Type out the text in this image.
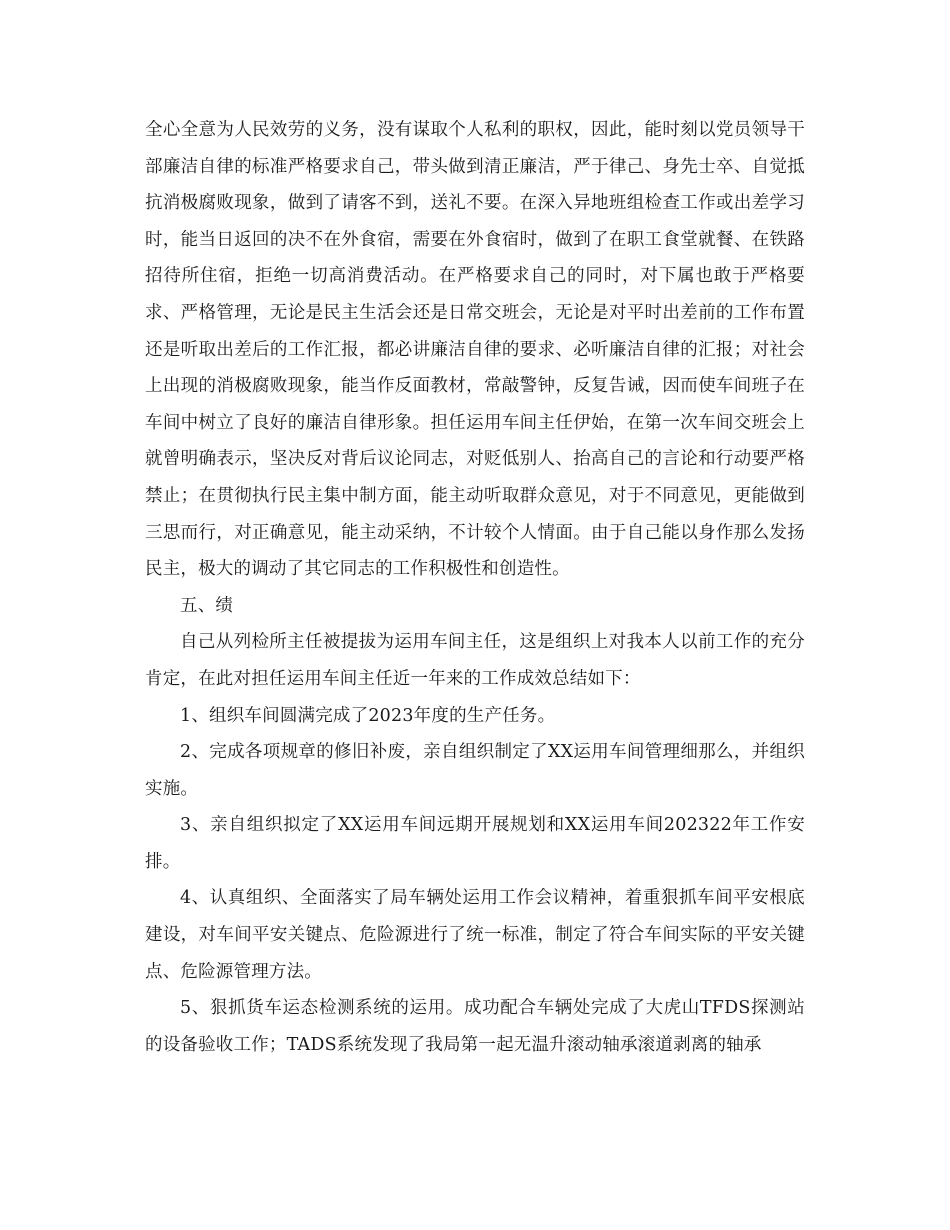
全心全意为人民效劳的义务，没有谋取个人私利的职权，因此，能时刻以党员领导干部廉洁自律的标准严格要求自己，带头做到清正廉洁，严于律己、身先士卒、自觉抵抗消极腐败现象，做到了请客不到，送礼不要。在深入异地班组检查工作或出差学习时，能当日返回的决不在外食宿，需要在外食宿时，做到了在职工食堂就餐、在铁路招待所住宿，拒绝一切高消费活动。在严格要求自己的同时，对下属也敢于严格要求、严格管理，无论是民主生活会还是日常交班会，无论是对平时出差前的工作布置还是听取出差后的工作汇报，都必讲廉洁自律的要求、必听廉洁自律的汇报；对社会上出现的消极腐败现象，能当作反面教材，常敲警钟，反复告诫，因而使车间班子在车间中树立了良好的廉洁自律形象。担任运用车间主任伊始，在第一次车间交班会上就曾明确表示，坚决反对背后议论同志，对贬低别人、抬高自己的言论和行动要严格禁止；在贯彻执行民主集中制方面，能主动听取群众意见，对于不同意见，更能做到三思而行，对正确意见，能主动采纳，不计较个人情面。由于自己能以身作那么发扬民主，极大的调动了其它同志的工作积极性和创造性。

五、绩

自己从列检所主任被提拔为运用车间主任，这是组织上对我本人以前工作的充分肯定，在此对担任运用车间主任近一年来的工作成效总结如下：

1、组织车间圆满完成了2023年度的生产任务。

2、完成各项规章的修旧补废，亲自组织制定了XX运用车间管理细那么，并组织实施。

3、亲自组织拟定了XX运用车间远期开展规划和XX运用车间202322年工作安排。

4、认真组织、全面落实了局车辆处运用工作会议精神，着重狠抓车间平安根底建设，对车间平安关键点、危险源进行了统一标准，制定了符合车间实际的平安关键点、危险源管理方法。

5、狠抓货车运态检测系统的运用。成功配合车辆处完成了大虎山TFDS探测站的设备验收工作；TADS系统发现了我局第一起无温升滚动轴承滚道剥离的轴承
